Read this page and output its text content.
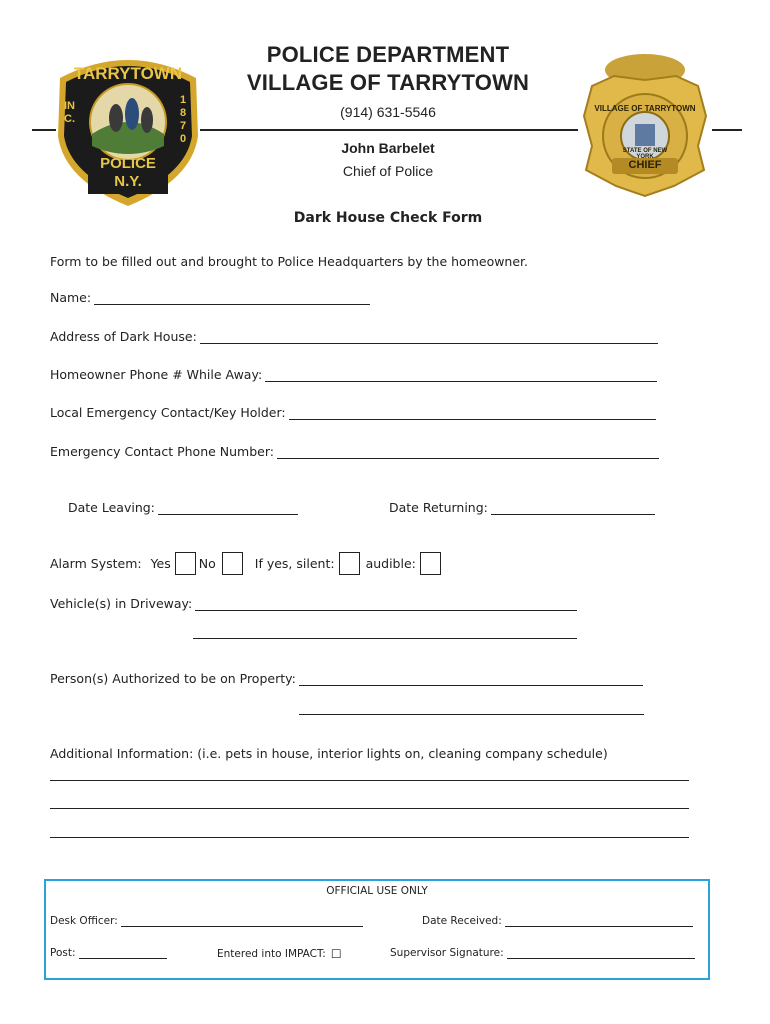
TARRYTOWN
INC.
1870
POLICE
N.Y.
POLICE DEPARTMENT
VILLAGE OF TARRYTOWN
(914) 631-5546
John Barbelet
Chief of Police
VILLAGE OF TARRYTOWN
STATE OF NEW YORK
CHIEF
Dark House Check Form
Form to be filled out and brought to Police Headquarters by the homeowner.
Name:
Address of Dark House:
Homeowner Phone # While Away:
Local Emergency Contact/Key Holder:
Emergency Contact Phone Number:
Date Leaving:	Date Returning:
Alarm System: Yes No	If yes, silent: audible:
Vehicle(s) in Driveway:
Person(s) Authorized to be on Property:
Additional Information: (i.e. pets in house, interior lights on, cleaning company schedule)
OFFICIAL USE ONLY
Desk Officer:	Date Received:
Post:	Entered into IMPACT: ☐	Supervisor Signature:
